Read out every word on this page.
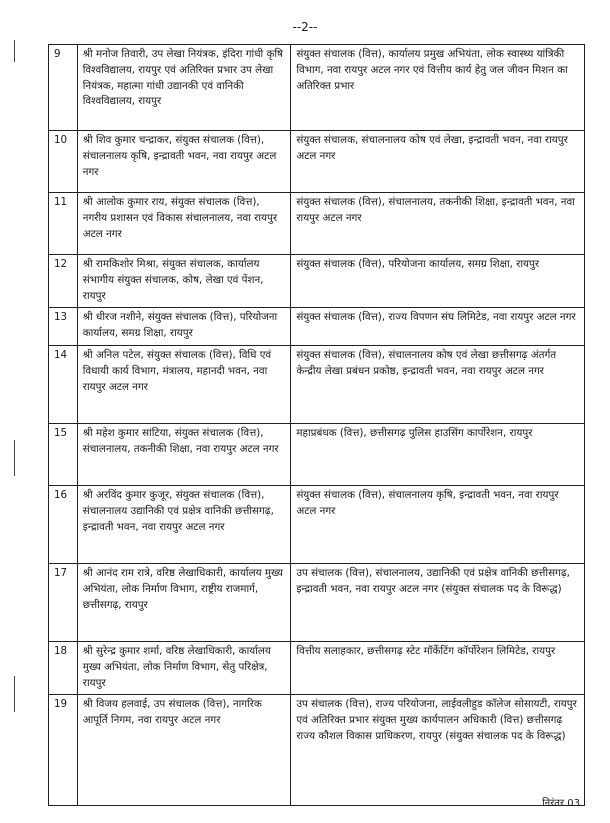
--2--
9	श्री मनोज तिवारी, उप लेखा नियंत्रक, इंदिरा गांधी कृषि विश्वविद्यालय, रायपुर एवं अतिरिक्त प्रभार उप लेखा नियंत्रक, महात्मा गांधी उद्यानकी एवं वानिकी विश्वविद्यालय, रायपुर	संयुक्त संचालक (वित्त), कार्यालय प्रमुख अभियंता, लोक स्वास्थ्य यांत्रिकी विभाग, नवा रायपुर अटल नगर एवं वित्तीय कार्य हेतु जल जीवन मिशन का अतिरिक्त प्रभार
10	श्री शिव कुमार चन्द्राकर, संयुक्त संचालक (वित्त), संचालनालय कृषि, इन्द्रावती भवन, नवा रायपुर अटल नगर	संयुक्त संचालक, संचालनालय कोष एवं लेखा, इन्द्रावती भवन, नवा रायपुर अटल नगर
11	श्री आलोक कुमार राय, संयुक्त संचालक (वित्त), नगरीय प्रशासन एवं विकास संचालनालय, नवा रायपुर अटल नगर	संयुक्त संचालक (वित्त), संचालनालय, तकनीकी शिक्षा, इन्द्रावती भवन, नवा रायपुर अटल नगर
12	श्री रामकिशोर मिश्रा, संयुक्त संचालक, कार्यालय संभागीय संयुक्त संचालक, कोष, लेखा एवं पेंशन, रायपुर	संयुक्त संचालक (वित्त), परियोजना कार्यालय, समग्र शिक्षा, रायपुर
13	श्री धीरज नशीने, संयुक्त संचालक (वित्त), परियोजना कार्यालय, समग्र शिक्षा, रायपुर	संयुक्त संचालक (वित्त), राज्य विपणन संघ लिमिटेड, नवा रायपुर अटल नगर
14	श्री अनिल पटेल, संयुक्त संचालक (वित्त), विधि एवं विधायी कार्य विभाग, मंत्रालय, महानदी भवन, नवा रायपुर अटल नगर	संयुक्त संचालक (वित्त), संचालनालय कोष एवं लेखा छत्तीसगढ़ अंतर्गत केन्द्रीय लेखा प्रबंधन प्रकोष्ठ, इन्द्रावती भवन, नवा रायपुर अटल नगर
15	श्री महेश कुमार सांटिया, संयुक्त संचालक (वित्त), संचालनालय, तकनीकी शिक्षा, नवा रायपुर अटल नगर	महाप्रबंधक (वित्त), छत्तीसगढ़ पुलिस हाउसिंग कार्पोरेशन, रायपुर
16	श्री अरविंद कुमार कुजूर, संयुक्त संचालक (वित्त), संचालनालय उद्यानिकी एवं प्रक्षेत्र वानिकी छत्तीसगढ़, इन्द्रावती भवन, नवा रायपुर अटल नगर	संयुक्त संचालक (वित्त), संचालनालय कृषि, इन्द्रावती भवन, नवा रायपुर अटल नगर
17	श्री आनंद राम रात्रे, वरिष्ठ लेखाधिकारी, कार्यालय मुख्य अभियंता, लोक निर्माण विभाग, राष्ट्रीय राजमार्ग, छत्तीसगढ़, रायपुर	उप संचालक (वित्त), संचालनालय, उद्यानिकी एवं प्रक्षेत्र वानिकी छत्तीसगढ़, इन्द्रावती भवन, नवा रायपुर अटल नगर (संयुक्त संचालक पद के विरूद्ध)
18	श्री सुरेन्द्र कुमार शर्मा, वरिष्ठ लेखाधिकारी, कार्यालय मुख्य अभियंता, लोक निर्माण विभाग, सेतु परिक्षेत्र, रायपुर	वित्तीय सलाहकार, छत्तीसगढ़ स्टेट मॉर्केटिंग कॉर्पोरेशन लिमिटेड, रायपुर
19	श्री विजय हलवाई, उप संचालक (वित्त), नागरिक आपूर्ति निगम, नवा रायपुर अटल नगर	उप संचालक (वित्त), राज्य परियोजना, लाईवलीहुड कॉलेज सोसायटी, रायपुर एवं अतिरिक्त प्रभार संयुक्त मुख्य कार्यपालन अधिकारी (वित्त) छत्तीसगढ़ राज्य कौशल विकास प्राधिकरण, रायपुर (संयुक्त संचालक पद के विरूद्ध)
निरंतर 03
